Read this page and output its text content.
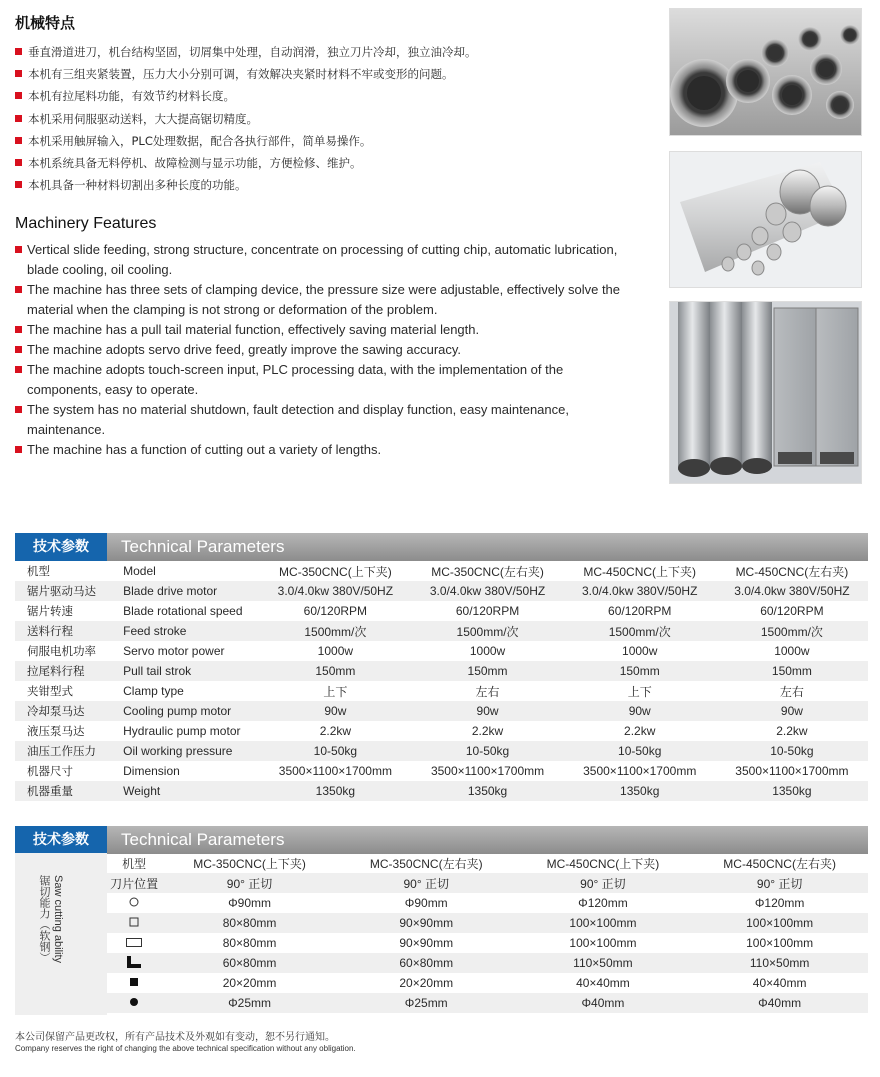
机械特点
垂直滑道进刀，机台结构坚固，切屑集中处理，自动润滑，独立刀片冷却，独立油冷却。
本机有三组夹紧装置，压力大小分别可调，有效解决夹紧时材料不牢或变形的问题。
本机有拉尾料功能，有效节约材料长度。
本机采用伺服驱动送料，大大提高锯切精度。
本机采用触屏输入，PLC处理数据，配合各执行部件，简单易操作。
本机系统具备无料停机、故障检测与显示功能，方便检修、维护。
本机具备一种材料切割出多种长度的功能。
Machinery Features
Vertical slide feeding, strong structure, concentrate on processing of cutting chip, automatic lubrication, blade cooling, oil cooling.
The machine has three sets of clamping device, the pressure size were adjustable, effectively solve the material when the clamping is not strong or deformation of the problem.
The machine has a pull tail material function, effectively saving material length.
The machine adopts servo drive feed, greatly improve the sawing accuracy.
The machine adopts touch-screen input, PLC processing data, with the implementation of the components, easy to operate.
The system has no material shutdown, fault detection and display function, easy maintenance, maintenance.
The machine has a function of cutting out a variety of lengths.
技术参数	Technical Parameters
机型	Model	MC-350CNC(上下夹)	MC-350CNC(左右夹)	MC-450CNC(上下夹)	MC-450CNC(左右夹)
锯片驱动马达	Blade drive motor	3.0/4.0kw 380V/50HZ	3.0/4.0kw 380V/50HZ	3.0/4.0kw 380V/50HZ	3.0/4.0kw 380V/50HZ
锯片转速	Blade rotational speed	60/120RPM	60/120RPM	60/120RPM	60/120RPM
送料行程	Feed stroke	1500mm/次	1500mm/次	1500mm/次	1500mm/次
伺服电机功率	Servo motor power	1000w	1000w	1000w	1000w
拉尾料行程	Pull tail strok	150mm	150mm	150mm	150mm
夹钳型式	Clamp type	上下	左右	上下	左右
冷却泵马达	Cooling pump motor	90w	90w	90w	90w
液压泵马达	Hydraulic pump motor	2.2kw	2.2kw	2.2kw	2.2kw
油压工作压力	Oil working pressure	10-50kg	10-50kg	10-50kg	10-50kg
机器尺寸	Dimension	3500×1100×1700mm	3500×1100×1700mm	3500×1100×1700mm	3500×1100×1700mm
机器重量	Weight	1350kg	1350kg	1350kg	1350kg
技术参数	Technical Parameters
Saw cutting ability
锯切能力（软钢）
机型	MC-350CNC(上下夹)	MC-350CNC(左右夹)	MC-450CNC(上下夹)	MC-450CNC(左右夹)
刀片位置	90° 正切	90° 正切	90° 正切	90° 正切
	Φ90mm	Φ90mm	Φ120mm	Φ120mm
	80×80mm	90×90mm	100×100mm	100×100mm
	80×80mm	90×90mm	100×100mm	100×100mm
	60×80mm	60×80mm	110×50mm	110×50mm
	20×20mm	20×20mm	40×40mm	40×40mm
	Φ25mm	Φ25mm	Φ40mm	Φ40mm
本公司保留产品更改权，所有产品技术及外观如有变动，恕不另行通知。
Company reserves the right of changing the above technical specification without any obligation.
